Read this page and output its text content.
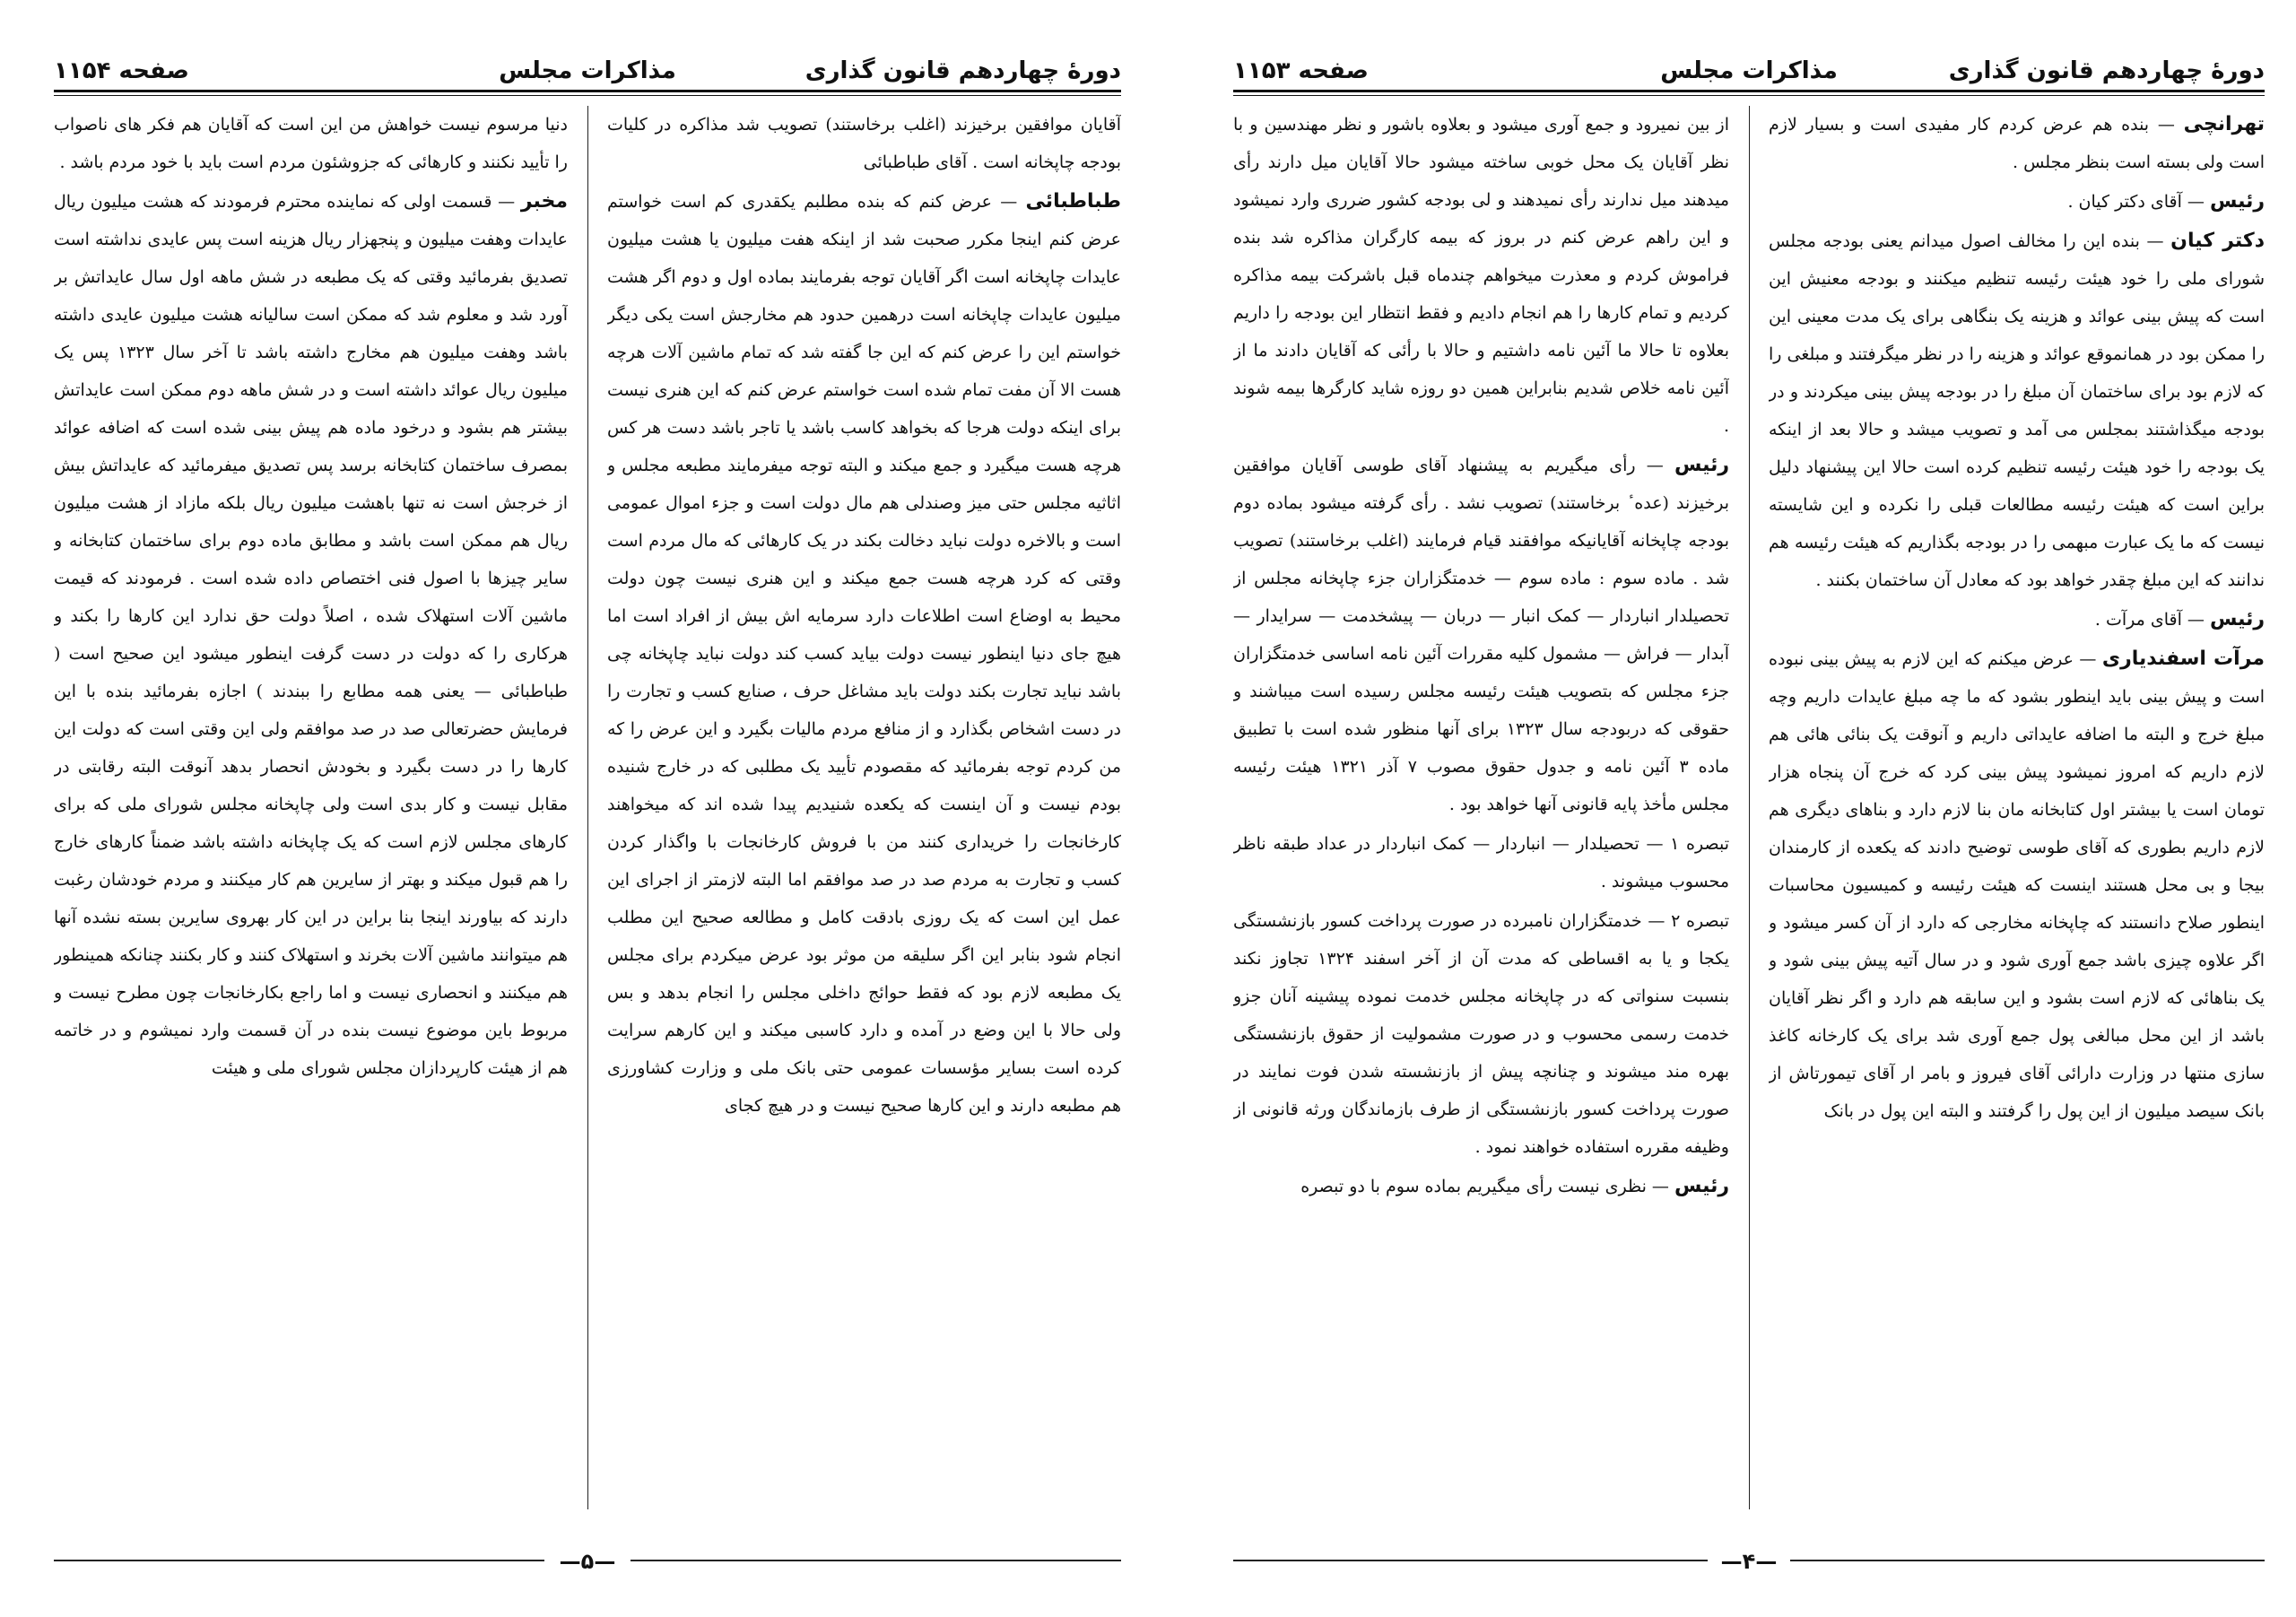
دورهٔ چهاردهم قانون گذاری
مذاکرات مجلس
صفحه ۱۱۵۴

آقایان موافقین برخیزند (اغلب برخاستند) تصویب شد مذاکره در کلیات بودجه چاپخانه است . آقای طباطبائی

طباطبائی — عرض کنم که بنده مطلبم یکقدری کم است خواستم عرض کنم اینجا مکرر صحبت شد از اینکه هفت میلیون یا هشت میلیون عایدات چاپخانه است اگر آقایان توجه بفرمایند بماده اول و دوم اگر هشت میلیون عایدات چاپخانه است درهمین حدود هم مخارجش است یکی دیگر خواستم این را عرض کنم که این جا گفته شد که تمام ماشین آلات هرچه هست الا آن مفت تمام شده است خواستم عرض کنم که این هنری نیست برای اینکه دولت هرجا که بخواهد کاسب باشد یا تاجر باشد دست هر کس هرچه هست میگیرد و جمع میکند و البته توجه میفرمایند مطبعه مجلس و اثاثیه مجلس حتی میز وصندلی هم مال دولت است و جزء اموال عمومی است و بالاخره دولت نباید دخالت بکند در یک کارهائی که مال مردم است وقتی که کرد هرچه هست جمع میکند و این هنری نیست چون دولت محیط به اوضاع است اطلاعات دارد سرمایه اش بیش از افراد است اما هیچ جای دنیا اینطور نیست دولت بیاید کسب کند دولت نباید چاپخانه چی باشد نباید تجارت بکند دولت باید مشاغل حرف ، صنایع کسب و تجارت را در دست اشخاص بگذارد و از منافع مردم مالیات بگیرد و این عرض را که من کردم توجه بفرمائید که مقصودم تأیید یک مطلبی که در خارج شنیده بودم نیست و آن اینست که یکعده شنیدیم پیدا شده اند که میخواهند کارخانجات را خریداری کنند من با فروش کارخانجات با واگذار کردن کسب و تجارت به مردم صد در صد موافقم اما البته لازمتر از اجرای این عمل این است که یک روزی بادقت کامل و مطالعه صحیح این مطلب انجام شود بنابر این اگر سلیقه من موثر بود عرض میکردم برای مجلس یک مطبعه لازم بود که فقط حوائج داخلی مجلس را انجام بدهد و بس ولی حالا با این وضع در آمده و دارد کاسبی میکند و این کارهم سرایت کرده است بسایر مؤسسات عمومی حتی بانک ملی و وزارت کشاورزی هم مطبعه دارند و این کارها صحیح نیست و در هیچ کجای

دنیا مرسوم نیست خواهش من این است که آقایان هم فکر های ناصواب را تأیید نکنند و کارهائی که جزوشئون مردم است باید با خود مردم باشد .

مخبر — قسمت اولی که نماینده محترم فرمودند که هشت میلیون ریال عایدات وهفت میلیون و پنجهزار ریال هزینه است پس عایدی نداشته است تصدیق بفرمائید وقتی که یک مطبعه در شش ماهه اول سال عایداتش بر آورد شد و معلوم شد که ممکن است سالیانه هشت میلیون عایدی داشته باشد وهفت میلیون هم مخارج داشته باشد تا آخر سال ۱۳۲۳ پس یک میلیون ریال عوائد داشته است و در شش ماهه دوم ممکن است عایداتش بیشتر هم بشود و درخود ماده هم پیش بینی شده است که اضافه عوائد بمصرف ساختمان کتابخانه برسد پس تصدیق میفرمائید که عایداتش بیش از خرجش است نه تنها باهشت میلیون ریال بلکه مازاد از هشت میلیون ریال هم ممکن است باشد و مطابق ماده دوم برای ساختمان کتابخانه و سایر چیزها با اصول فنی اختصاص داده شده است . فرمودند که قیمت ماشین آلات استهلاک شده ، اصلاً دولت حق ندارد این کارها را بکند و هرکاری را که دولت در دست گرفت اینطور میشود این صحیح است ( طباطبائی — یعنی همه مطابع را ببندند ) اجازه بفرمائید بنده با این فرمایش حضرتعالی صد در صد موافقم ولی این وقتی است که دولت این کارها را در دست بگیرد و بخودش انحصار بدهد آنوقت البته رقابتی در مقابل نیست و کار بدی است ولی چاپخانه مجلس شورای ملی که برای کارهای مجلس لازم است که یک چاپخانه داشته باشد ضمناً کارهای خارج را هم قبول میکند و بهتر از سایرین هم کار میکنند و مردم خودشان رغبت دارند که بیاورند اینجا بنا براین در این کار بهروی سایرین بسته نشده آنها هم میتوانند ماشین آلات بخرند و استهلاک کنند و کار بکنند چنانکه همینطور هم میکنند و انحصاری نیست و اما راجع بکارخانجات چون مطرح نیست و مربوط باین موضوع نیست بنده در آن قسمت وارد نمیشوم و در خاتمه هم از هیئت کارپردازان مجلس شورای ملی و هیئت

—۵—
دورهٔ چهاردهم قانون گذاری
مذاکرات مجلس
صفحه ۱۱۵۳

تهرانچی — بنده هم عرض کردم کار مفیدی است و بسیار لازم است ولی بسته است بنظر مجلس .

رئیس — آقای دکتر کیان .

دکتر کیان — بنده این را مخالف اصول میدانم یعنی بودجه مجلس شورای ملی را خود هیئت رئیسه تنظیم میکنند و بودجه معنیش این است که پیش بینی عوائد و هزینه یک بنگاهی برای یک مدت معینی این را ممکن بود در همانموقع عوائد و هزینه را در نظر میگرفتند و مبلغی را که لازم بود برای ساختمان آن مبلغ را در بودجه پیش بینی میکردند و در بودجه میگذاشتند بمجلس می آمد و تصویب میشد و حالا بعد از اینکه یک بودجه را خود هیئت رئیسه تنظیم کرده است حالا این پیشنهاد دلیل براین است که هیئت رئیسه مطالعات قبلی را نکرده و این شایسته نیست که ما یک عبارت مبهمی را در بودجه بگذاریم که هیئت رئیسه هم ندانند که این مبلغ چقدر خواهد بود که معادل آن ساختمان بکنند .

رئیس — آقای مرآت .

مرآت اسفندیاری — عرض میکنم که این لازم به پیش بینی نبوده است و پیش بینی باید اینطور بشود که ما چه مبلغ عایدات داریم وچه مبلغ خرج و البته ما اضافه عایداتی داریم و آنوقت یک بنائی هائی هم لازم داریم که امروز نمیشود پیش بینی کرد که خرج آن پنجاه هزار تومان است یا بیشتر اول کتابخانه مان بنا لازم دارد و بناهای دیگری هم لازم داریم بطوری که آقای طوسی توضیح دادند که یکعده از کارمندان بیجا و بی محل هستند اینست که هیئت رئیسه و کمیسیون محاسبات اینطور صلاح دانستند که چاپخانه مخارجی که دارد از آن کسر میشود و اگر علاوه چیزی باشد جمع آوری شود و در سال آتیه پیش بینی شود و یک بناهائی که لازم است بشود و این سابقه هم دارد و اگر نظر آقایان باشد از این محل مبالغی پول جمع آوری شد برای یک کارخانه کاغذ سازی منتها در وزارت دارائی آقای فیروز و بامر ار آقای تیمورتاش از بانک سیصد میلیون از این پول را گرفتند و البته این پول در بانک

از بین نمیرود و جمع آوری میشود و بعلاوه باشور و نظر مهندسین و با نظر آقایان یک محل خوبی ساخته میشود حالا آقایان میل دارند رأی میدهند میل ندارند رأی نمیدهند و لی بودجه کشور ضرری وارد نمیشود و این راهم عرض کنم در بروز که بیمه کارگران مذاکره شد بنده فراموش کردم و معذرت میخواهم چندماه قبل باشرکت بیمه مذاکره کردیم و تمام کارها را هم انجام دادیم و فقط انتظار این بودجه را داریم بعلاوه تا حالا ما آئین نامه داشتیم و حالا با رأئی که آقایان دادند ما از آئین نامه خلاص شدیم بنابراین همین دو روزه شاید کارگرها بیمه شوند .

رئیس — رأی میگیریم به پیشنهاد آقای طوسی آقایان موافقین برخیزند (عده ٔ برخاستند) تصویب نشد . رأی گرفته میشود بماده دوم بودجه چاپخانه آقایانیکه موافقند قیام فرمایند (اغلب برخاستند) تصویب شد . ماده سوم : ماده سوم — خدمتگزاران جزء چاپخانه مجلس از تحصیلدار انباردار — کمک انبار — دربان — پیشخدمت — سرایدار — آبدار — فراش — مشمول کلیه مقررات آئین نامه اساسی خدمتگزاران جزء مجلس که بتصویب هیئت رئیسه مجلس رسیده است میباشند و حقوقی که دربودجه سال ۱۳۲۳ برای آنها منظور شده است با تطبیق ماده ۳ آئین نامه و جدول حقوق مصوب ۷ آذر ۱۳۲۱ هیئت رئیسه مجلس مأخذ پایه قانونی آنها خواهد بود .

تبصره ۱ — تحصیلدار — انباردار — کمک انباردار در عداد طبقه ناظر محسوب میشوند .

تبصره ۲ — خدمتگزاران نامبرده در صورت پرداخت کسور بازنشستگی یکجا و یا به اقساطی که مدت آن از آخر اسفند ۱۳۲۴ تجاوز نکند بنسبت سنواتی که در چاپخانه مجلس خدمت نموده پیشینه آنان جزو خدمت رسمی محسوب و در صورت مشمولیت از حقوق بازنشستگی بهره مند میشوند و چنانچه پیش از بازنشسته شدن فوت نمایند در صورت پرداخت کسور بازنشستگی از طرف بازماندگان ورثه قانونی از وظیفه مقرره استفاده خواهند نمود .

رئیس — نظری نیست رأی میگیریم بماده سوم با دو تبصره

—۴—
